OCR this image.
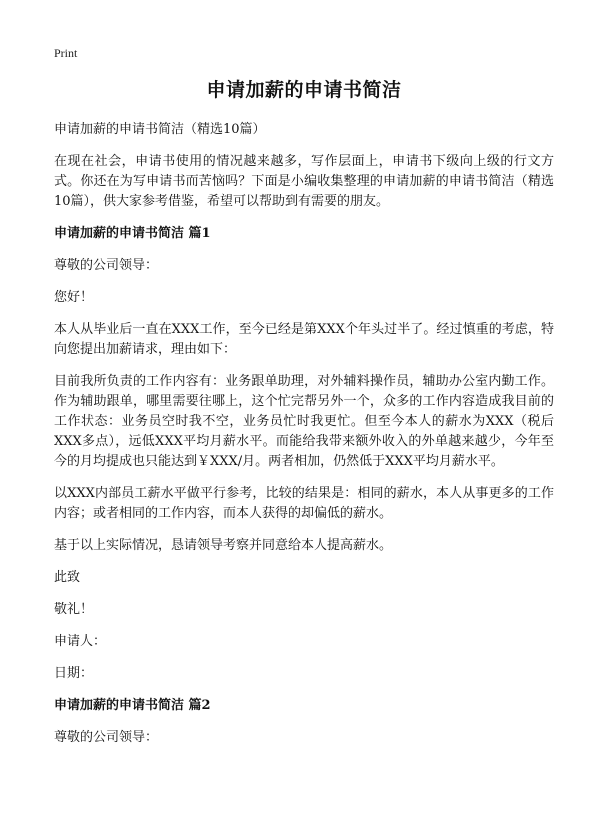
Print
申请加薪的申请书简洁
申请加薪的申请书简洁（精选10篇）

在现在社会，申请书使用的情况越来越多，写作层面上，申请书下级向上级的行文方式。你还在为写申请书而苦恼吗？下面是小编收集整理的申请加薪的申请书简洁（精选10篇），供大家参考借鉴，希望可以帮助到有需要的朋友。

申请加薪的申请书简洁 篇1

尊敬的公司领导：

您好！

本人从毕业后一直在XXX工作，至今已经是第XXX个年头过半了。经过慎重的考虑，特向您提出加薪请求，理由如下：

目前我所负责的工作内容有：业务跟单助理，对外辅料操作员，辅助办公室内勤工作。作为辅助跟单，哪里需要往哪上，这个忙完帮另外一个，众多的工作内容造成我目前的工作状态：业务员空时我不空，业务员忙时我更忙。但至今本人的薪水为XXX（税后XXX多点），远低XXX平均月薪水平。而能给我带来额外收入的外单越来越少，今年至今的月均提成也只能达到￥XXX/月。两者相加，仍然低于XXX平均月薪水平。

以XXX内部员工薪水平做平行参考，比较的结果是：相同的薪水，本人从事更多的工作内容；或者相同的工作内容，而本人获得的却偏低的薪水。

基于以上实际情况，恳请领导考察并同意给本人提高薪水。

此致

敬礼！

申请人：

日期：

申请加薪的申请书简洁 篇2

尊敬的公司领导：
